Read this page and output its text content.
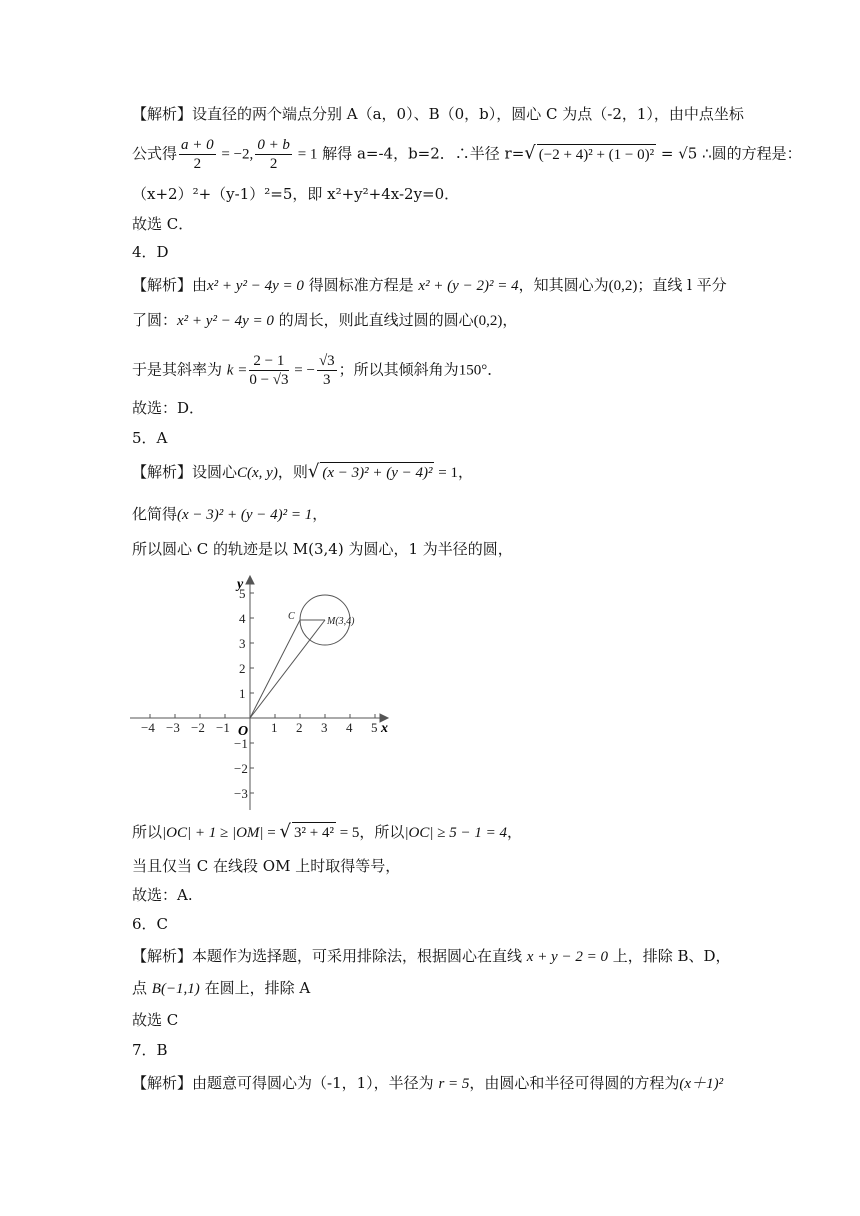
【解析】设直径的两个端点分别 A（a，0）、B（0，b），圆心 C 为点（-2，1），由中点坐标
公式得 $\frac{a + 0}{2} = -2$, $\frac{0 + b}{2} = 1$ 解得 a=-4，b=2．∴半径 r=√ (−2 + 4)² + (1 − 0)² = √5 ∴圆的方程是：
（x+2）²+（y-1）²=5，即 x²+y²+4x-2y=0．
故选 C．
4．D
【解析】由x² + y² − 4y = 0 得圆标准方程是 x² + (y − 2)² = 4，知其圆心为(0,2)；直线 l 平分
了圆：x² + y² − 4y = 0 的周长，则此直线过圆的圆心(0,2)，
于是其斜率为 $k = \frac{2 - 1}{0 - √3}$ = − $\frac{√3}{3}$ ；所以其倾斜角为150°．
故选：D．
5．A
【解析】设圆心C(x, y)，则√ (x − 3)² + (y − 4)² = 1，
化简得(x − 3)² + (y − 4)² = 1，
所以圆心 C 的轨迹是以 M(3,4) 为圆心，1 为半径的圆，
−4 −3 −2 −1	1 2 3 4 5
5
4
3
2
1
−1
−2
−3
O	x
y
C	M(3,4)
所以|OC| + 1 ≥ |OM| = √ 3² + 4² = 5，所以|OC| ≥ 5 − 1 = 4，
当且仅当 C 在线段 OM 上时取得等号，
故选：A.
6．C
【解析】本题作为选择题，可采用排除法，根据圆心在直线 x + y − 2 = 0 上，排除 B、D，
点 B(−1,1) 在圆上，排除 A
故选 C
7．B
【解析】由题意可得圆心为（-1，1），半径为 r = 5，由圆心和半径可得圆的方程为(x＋1)²
